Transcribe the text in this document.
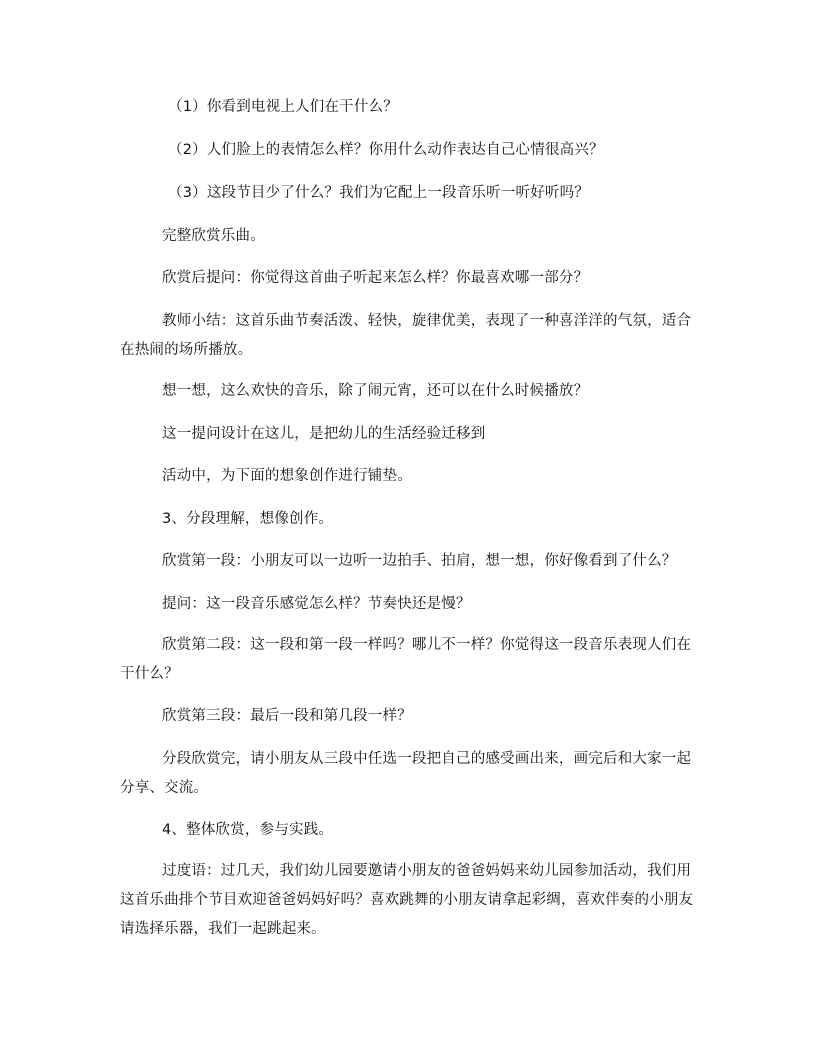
（1）你看到电视上人们在干什么？

（2）人们脸上的表情怎么样？你用什么动作表达自己心情很高兴？

（3）这段节目少了什么？我们为它配上一段音乐听一听好听吗？

完整欣赏乐曲。

欣赏后提问：你觉得这首曲子听起来怎么样？你最喜欢哪一部分？

教师小结：这首乐曲节奏活泼、轻快，旋律优美，表现了一种喜洋洋的气氛，适合在热闹的场所播放。

想一想，这么欢快的音乐，除了闹元宵，还可以在什么时候播放？

这一提问设计在这儿，是把幼儿的生活经验迁移到

活动中，为下面的想象创作进行铺垫。

3、分段理解，想像创作。

欣赏第一段：小朋友可以一边听一边拍手、拍肩，想一想，你好像看到了什么？

提问：这一段音乐感觉怎么样？节奏快还是慢？

欣赏第二段：这一段和第一段一样吗？哪儿不一样？你觉得这一段音乐表现人们在干什么？

欣赏第三段：最后一段和第几段一样？

分段欣赏完，请小朋友从三段中任选一段把自己的感受画出来，画完后和大家一起分享、交流。

4、整体欣赏，参与实践。

过度语：过几天，我们幼儿园要邀请小朋友的爸爸妈妈来幼儿园参加活动，我们用这首乐曲排个节目欢迎爸爸妈妈好吗？喜欢跳舞的小朋友请拿起彩绸，喜欢伴奏的小朋友请选择乐器，我们一起跳起来。
